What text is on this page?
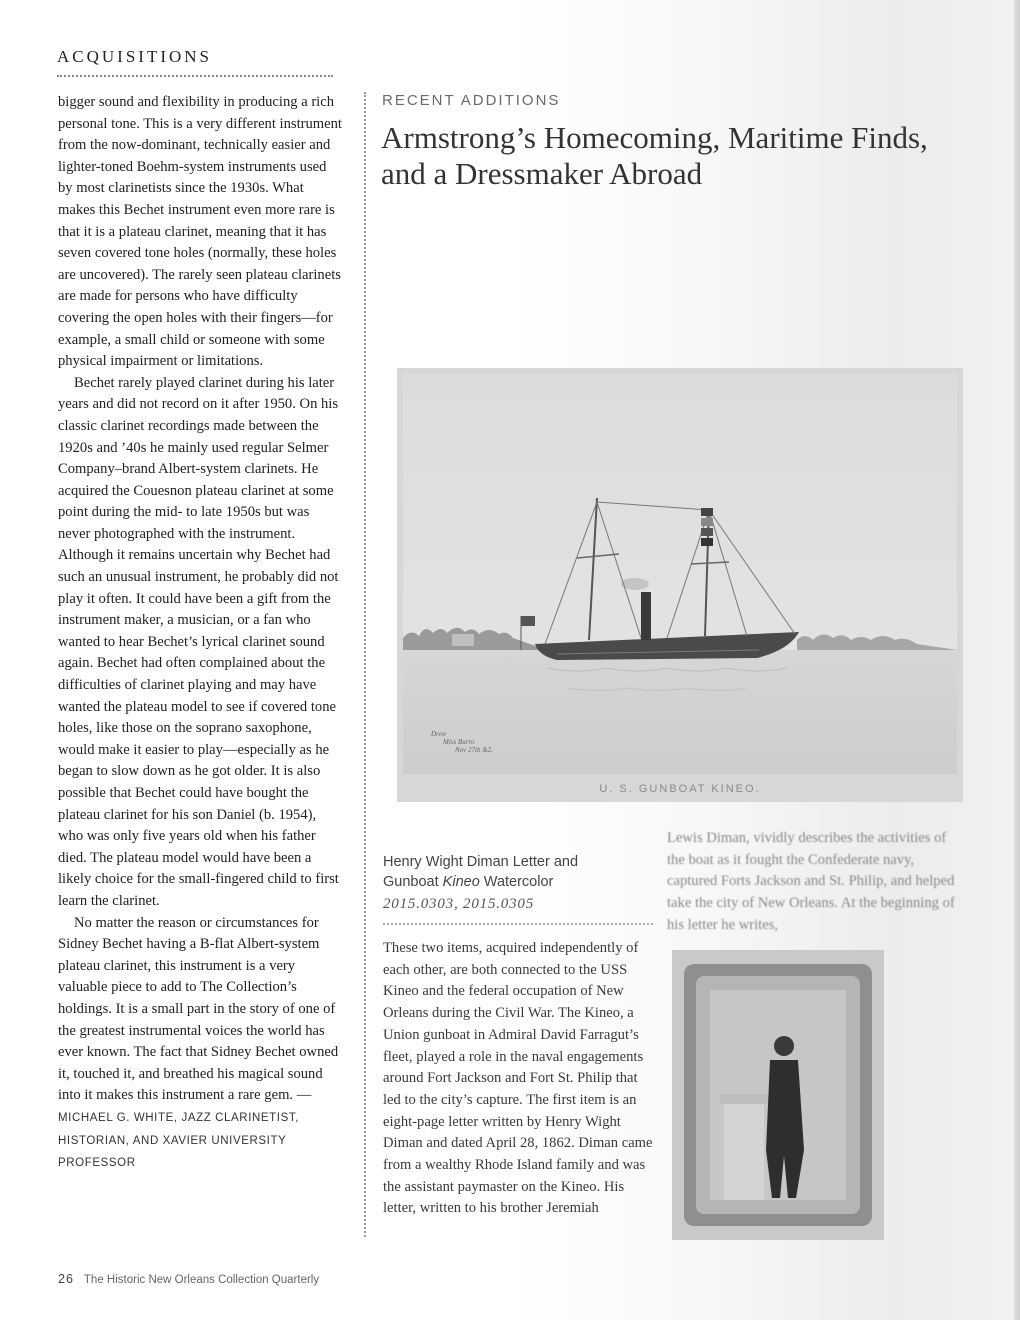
ACQUISITIONS

bigger sound and flexibility in producing a rich personal tone. This is a very different instrument from the now-dominant, technically easier and lighter-toned Boehm-system instruments used by most clarinetists since the 1930s. What makes this Bechet instrument even more rare is that it is a plateau clarinet, meaning that it has seven covered tone holes (normally, these holes are uncovered). The rarely seen plateau clarinets are made for persons who have difficulty covering the open holes with their fingers—for example, a small child or someone with some physical impairment or limitations.

Bechet rarely played clarinet during his later years and did not record on it after 1950. On his classic clarinet recordings made between the 1920s and ’40s he mainly used regular Selmer Company–brand Albert-system clarinets. He acquired the Couesnon plateau clarinet at some point during the mid- to late 1950s but was never photographed with the instrument. Although it remains uncertain why Bechet had such an unusual instrument, he probably did not play it often. It could have been a gift from the instrument maker, a musician, or a fan who wanted to hear Bechet’s lyrical clarinet sound again. Bechet had often complained about the difficulties of clarinet playing and may have wanted the plateau model to see if covered tone holes, like those on the soprano saxophone, would make it easier to play—especially as he began to slow down as he got older. It is also possible that Bechet could have bought the plateau clarinet for his son Daniel (b. 1954), who was only five years old when his father died. The plateau model would have been a likely choice for the small-fingered child to first learn the clarinet.

No matter the reason or circumstances for Sidney Bechet having a B-flat Albert-system plateau clarinet, this instrument is a very valuable piece to add to The Collection’s holdings. It is a small part in the story of one of the greatest instrumental voices the world has ever known. The fact that Sidney Bechet owned it, touched it, and breathed his magical sound into it makes this instrument a rare gem. —MICHAEL G. WHITE, JAZZ CLARINETIST, HISTORIAN, AND XAVIER UNIVERSITY PROFESSOR

RECENT ADDITIONS
Armstrong’s Homecoming, Maritime Finds, and a Dressmaker Abroad
Drew
Miss Burro
Nov 27th &2.
U. S. GUNBOAT KINEO.
Henry Wight Diman Letter and Gunboat Kineo Watercolor
2015.0303, 2015.0305

These two items, acquired independently of each other, are both connected to the USS Kineo and the federal occupation of New Orleans during the Civil War. The Kineo, a Union gunboat in Admiral David Farragut’s fleet, played a role in the naval engagements around Fort Jackson and Fort St. Philip that led to the city’s capture. The first item is an eight-page letter written by Henry Wight Diman and dated April 28, 1862. Diman came from a wealthy Rhode Island family and was the assistant paymaster on the Kineo. His letter, written to his brother Jeremiah

Lewis Diman, vividly describes the activities of the boat as it fought the Confederate navy, captured Forts Jackson and St. Philip, and helped take the city of New Orleans. At the beginning of his letter he writes,

26 The Historic New Orleans Collection Quarterly
